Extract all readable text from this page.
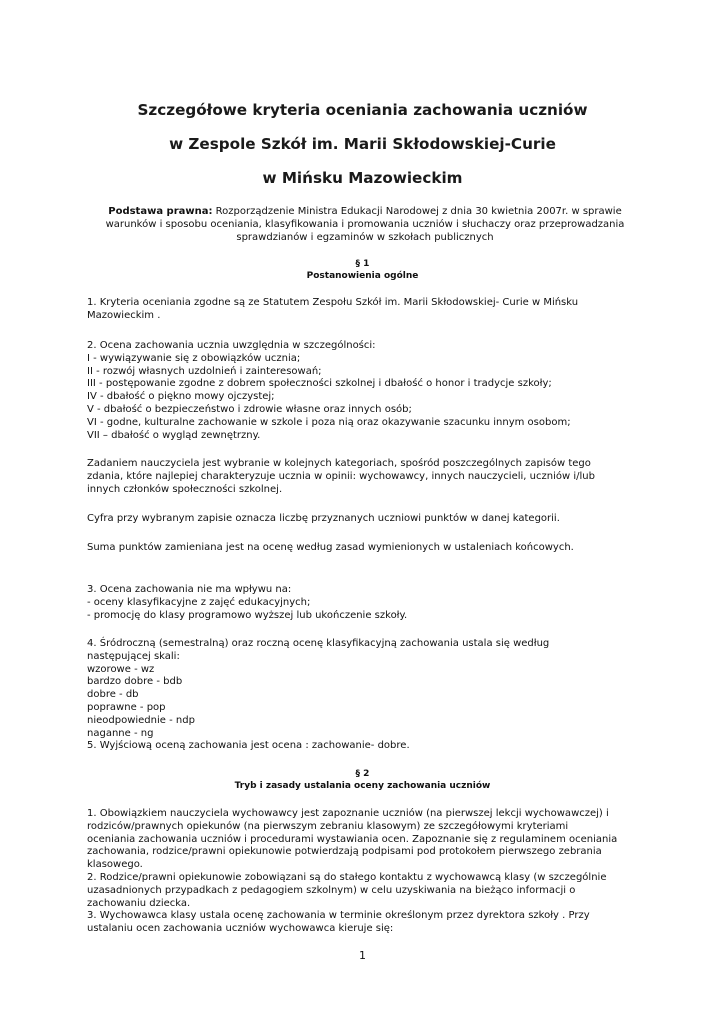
Szczegółowe kryteria oceniania zachowania uczniów
w Zespole Szkół im. Marii Skłodowskiej-Curie
w Mińsku Mazowieckim
Podstawa prawna: Rozporządzenie Ministra Edukacji Narodowej z dnia 30 kwietnia 2007r. w sprawie
warunków i sposobu oceniania, klasyfikowania i promowania uczniów i słuchaczy oraz przeprowadzania
sprawdzianów i egzaminów w szkołach publicznych
§ 1
Postanowienia ogólne
1. Kryteria oceniania zgodne są ze Statutem Zespołu Szkół im. Marii Skłodowskiej- Curie w Mińsku
Mazowieckim .
2. Ocena zachowania ucznia uwzględnia w szczególności:
I - wywiązywanie się z obowiązków ucznia;
II - rozwój własnych uzdolnień i zainteresowań;
III - postępowanie zgodne z dobrem społeczności szkolnej i dbałość o honor i tradycje szkoły;
IV - dbałość o piękno mowy ojczystej;
V - dbałość o bezpieczeństwo i zdrowie własne oraz innych osób;
VI - godne, kulturalne zachowanie w szkole i poza nią oraz okazywanie szacunku innym osobom;
VII – dbałość o wygląd zewnętrzny.
Zadaniem nauczyciela jest wybranie w kolejnych kategoriach, spośród poszczególnych zapisów tego
zdania, które najlepiej charakteryzuje ucznia w opinii: wychowawcy, innych nauczycieli, uczniów i/lub
innych członków społeczności szkolnej.
Cyfra przy wybranym zapisie oznacza liczbę przyznanych uczniowi punktów w danej kategorii.
Suma punktów zamieniana jest na ocenę według zasad wymienionych w ustaleniach końcowych.
3. Ocena zachowania nie ma wpływu na:
- oceny klasyfikacyjne z zajęć edukacyjnych;
- promocję do klasy programowo wyższej lub ukończenie szkoły.
4. Śródroczną (semestralną) oraz roczną ocenę klasyfikacyjną zachowania ustala się według
następującej skali:
wzorowe - wz
bardzo dobre - bdb
dobre - db
poprawne - pop
nieodpowiednie - ndp
naganne - ng
5. Wyjściową oceną zachowania jest ocena : zachowanie- dobre.
§ 2
Tryb i zasady ustalania oceny zachowania uczniów
1. Obowiązkiem nauczyciela wychowawcy jest zapoznanie uczniów (na pierwszej lekcji wychowawczej) i
rodziców/prawnych opiekunów (na pierwszym zebraniu klasowym) ze szczegółowymi kryteriami
oceniania zachowania uczniów i procedurami wystawiania ocen. Zapoznanie się z regulaminem oceniania
zachowania, rodzice/prawni opiekunowie potwierdzają podpisami pod protokołem pierwszego zebrania
klasowego.
2. Rodzice/prawni opiekunowie zobowiązani są do stałego kontaktu z wychowawcą klasy (w szczególnie
uzasadnionych przypadkach z pedagogiem szkolnym) w celu uzyskiwania na bieżąco informacji o
zachowaniu dziecka.
3. Wychowawca klasy ustala ocenę zachowania w terminie określonym przez dyrektora szkoły . Przy
ustalaniu ocen zachowania uczniów wychowawca kieruje się:
1
